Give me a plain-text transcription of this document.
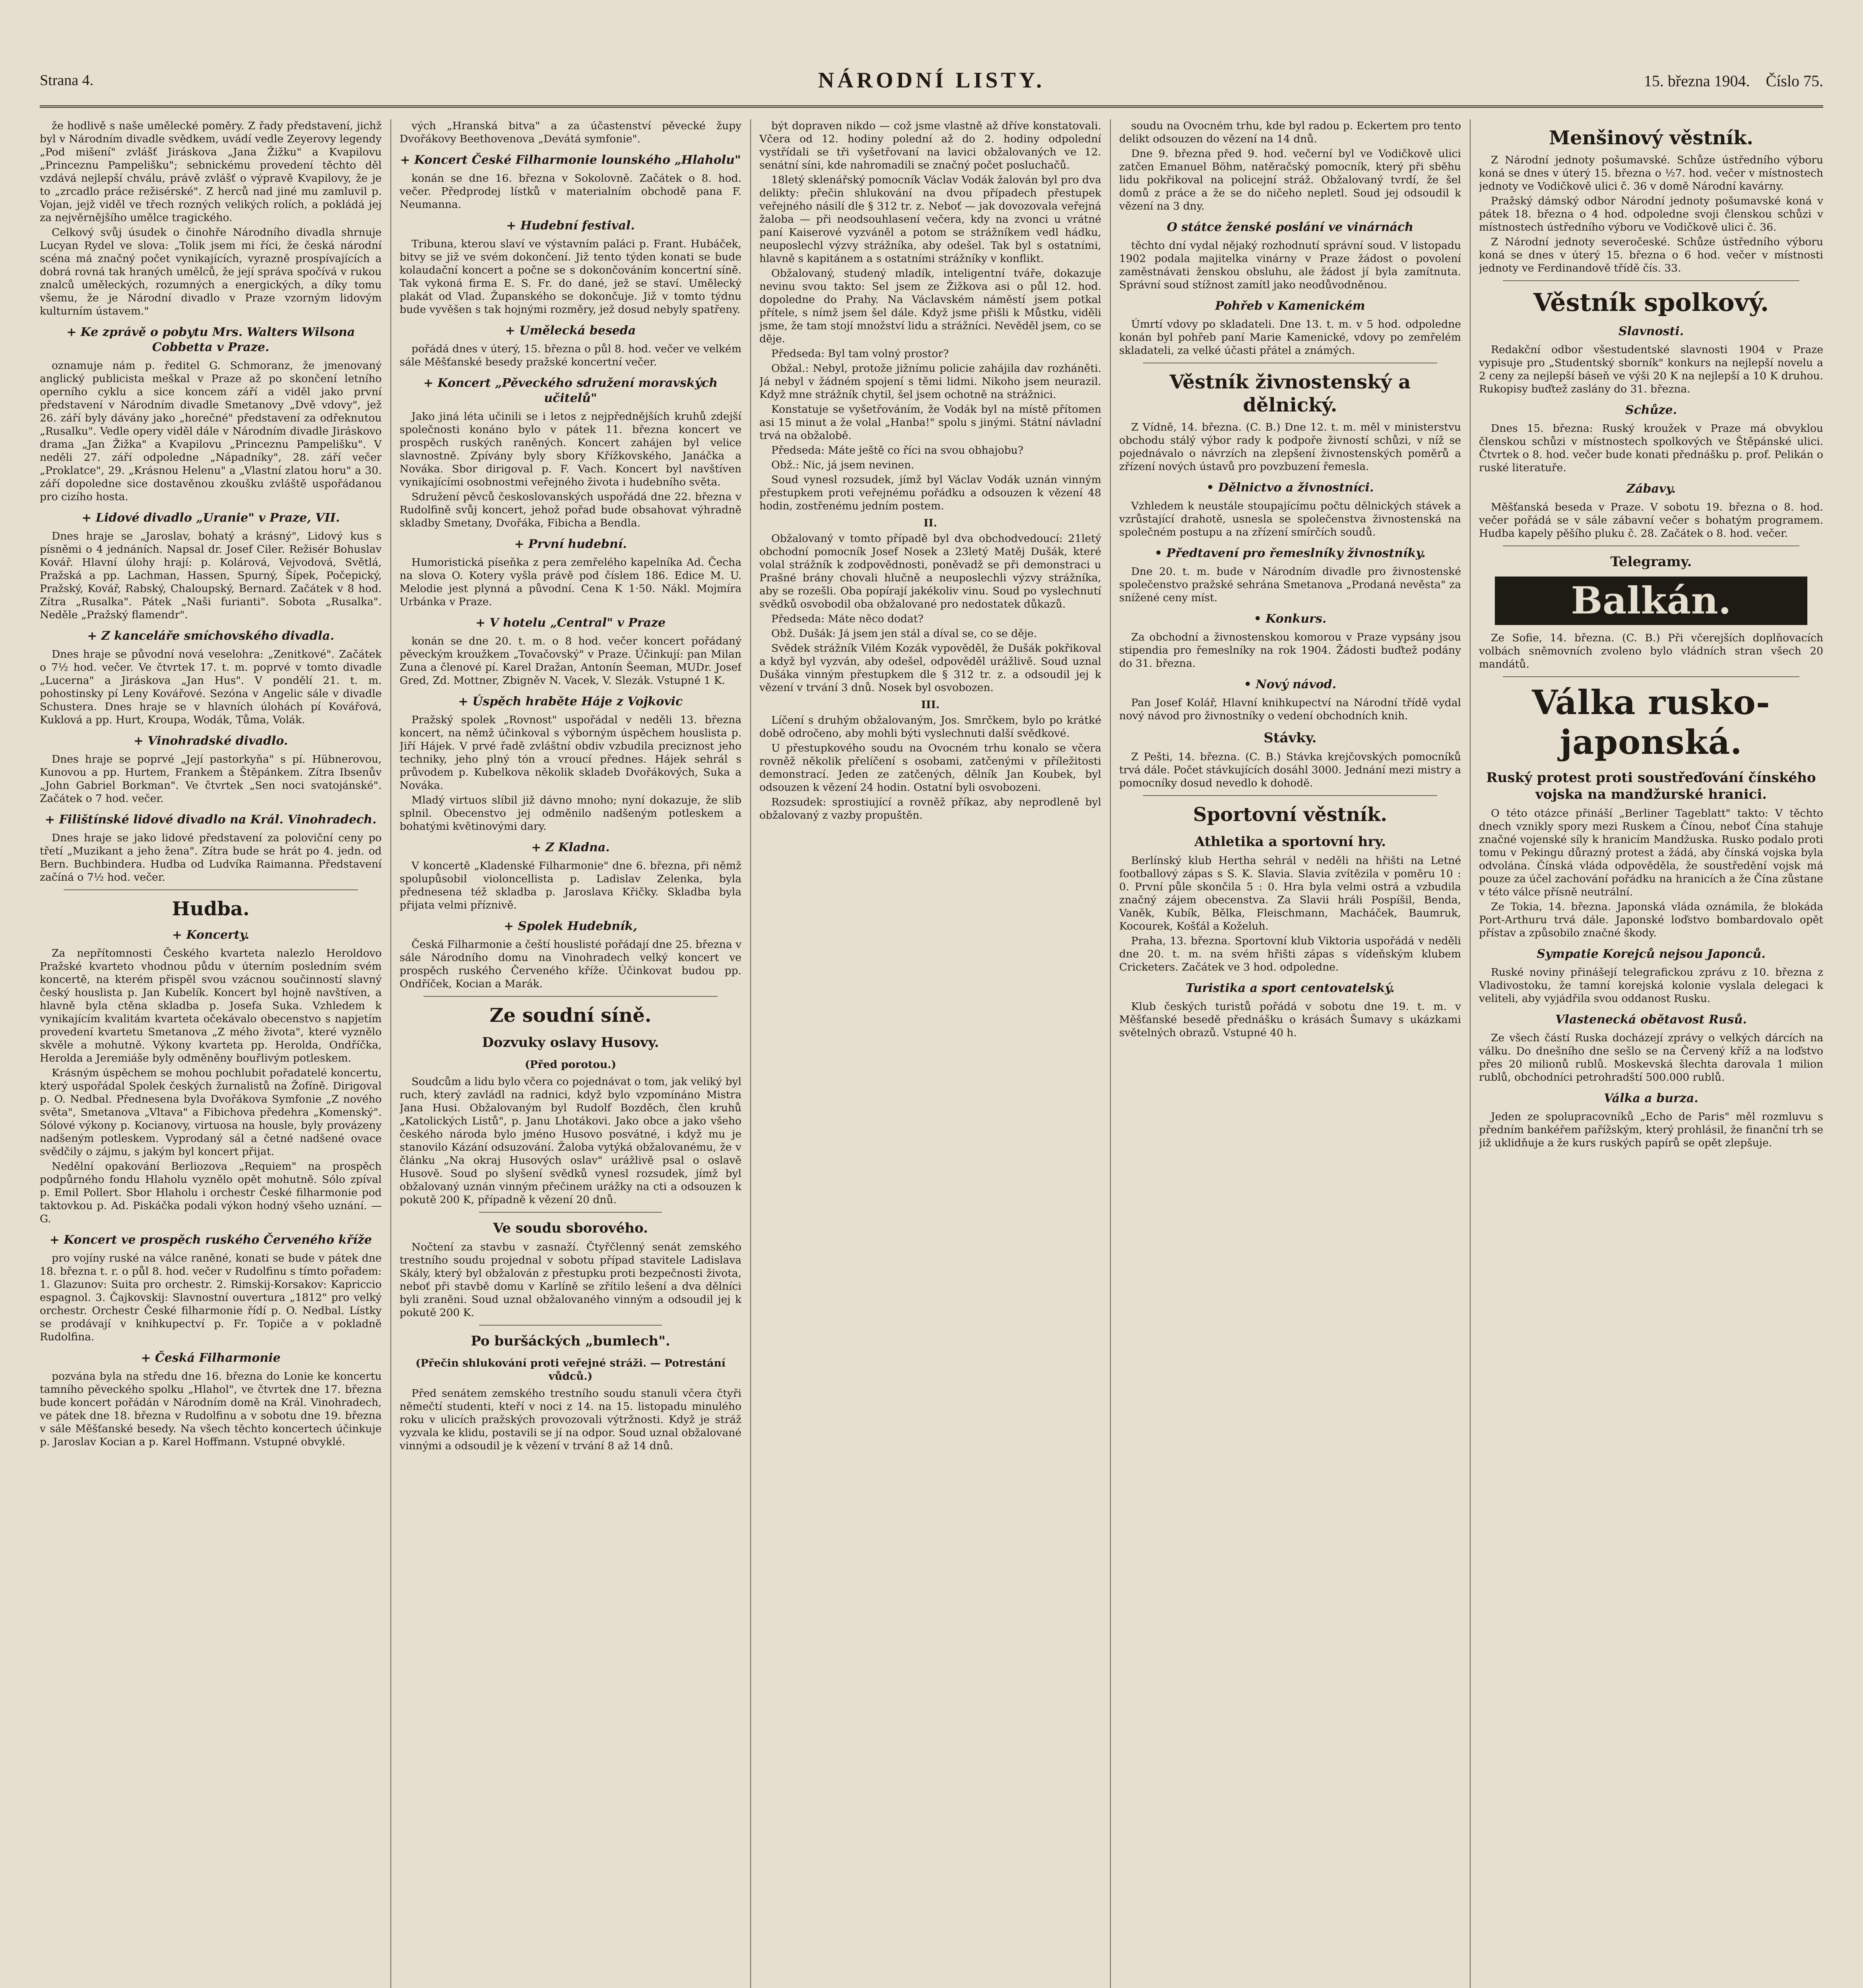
Strana 4.	NÁRODNÍ LISTY.	15. března 1904. Číslo 75.

že hodlivě s naše umělecké poměry. Z řady představení, jichž byl v Národním divadle svědkem, uvádí vedle Zeyerovy legendy „Pod mišení" zvlášť Jiráskova „Jana Žižku" a Kvapilovu „Princeznu Pampelišku"; sebnickému provedení těchto děl vzdává nejlepší chválu, právě zvlášť o výpravě Kvapilovy, že je to „zrcadlo práce režisérské". Z herců nad jiné mu zamluvil p. Vojan, jejž viděl ve třech rozných velikých rolích, a pokládá jej za nejvěrnějšího umělce tragického.

Celkový svůj úsudek o činohře Národního divadla shrnuje Lucyan Rydel ve slova: „Tolik jsem mi říci, že česká národní scéna má značný počet vynikajících, vyrazně prospívajících a dobrá rovná tak hraných umělců, že její správa spočívá v rukou znalců uměleckých, rozumných a energických, a díky tomu všemu, že je Národní divadlo v Praze vzorným lidovým kulturním ústavem."

+ Ke zprávě o pobytu Mrs. Walters Wilsona Cobbetta v Praze.

oznamuje nám p. ředitel G. Schmoranz, že jmenovaný anglický publicista meškal v Praze až po skončení letního operního cyklu a sice koncem září a viděl jako první představení v Národním divadle Smetanovy „Dvě vdovy", jež 26. září byly dávány jako „horečné" představení za odřeknutou „Rusalku". Vedle opery viděl dále v Národním divadle Jiráskovo drama „Jan Žižka" a Kvapilovu „Princeznu Pampelišku". V neděli 27. září odpoledne „Nápadníky", 28. září večer „Proklatce", 29. „Krásnou Helenu" a „Vlastní zlatou horu" a 30. září dopoledne sice dostavěnou zkoušku zvláště uspořádanou pro cizího hosta.

+ Lidové divadlo „Uranie" v Praze, VII.

Dnes hraje se „Jaroslav, bohatý a krásný", Lidový kus s písněmi o 4 jednáních. Napsal dr. Josef Ciler. Režisér Bohuslav Kovář. Hlavní úlohy hrají: p. Kolárová, Vejvodová, Světlá, Pražská a pp. Lachman, Hassen, Spurný, Šípek, Počepický, Pražský, Kovář, Rabský, Chaloupský, Bernard. Začátek v 8 hod. Zítra „Rusalka". Pátek „Naši furianti". Sobota „Rusalka". Neděle „Pražský flamendr".

+ Z kanceláře smíchovského divadla.

Dnes hraje se původní nová veselohra: „Zenitkové". Začátek o 7½ hod. večer. Ve čtvrtek 17. t. m. poprvé v tomto divadle „Lucerna" a Jiráskova „Jan Hus". V pondělí 21. t. m. pohostinsky pí Leny Kovářové. Sezóna v Angelic sále v divadle Schustera. Dnes hraje se v hlavních úlohách pí Kovářová, Kuklová a pp. Hurt, Kroupa, Wodák, Tůma, Volák.

+ Vinohradské divadlo.

Dnes hraje se poprvé „Její pastorkyňa" s pí. Hübnerovou, Kunovou a pp. Hurtem, Frankem a Štěpánkem. Zítra Ibsenův „John Gabriel Borkman". Ve čtvrtek „Sen noci svatojánské". Začátek o 7 hod. večer.

+ Filištínské lidové divadlo na Král. Vinohradech.

Dnes hraje se jako lidové představení za poloviční ceny po třetí „Muzikant a jeho žena". Zítra bude se hrát po 4. jedn. od Bern. Buchbindera. Hudba od Ludvíka Raimanna. Představení začíná o 7½ hod. večer.

Hudba.

+ Koncerty.

Za nepřítomnosti Českého kvarteta nalezlo Heroldovo Pražské kvarteto vhodnou půdu v úterním posledním svém koncertě, na kterém přispěl svou vzácnou součinností slavný český houslista p. Jan Kubelík. Koncert byl hojně navštíven, a hlavně byla ctěna skladba p. Josefa Suka. Vzhledem k vynikajícím kvalitám kvarteta očekávalo obecenstvo s napjetím provedení kvartetu Smetanova „Z mého života", které vyznělo skvěle a mohutně. Výkony kvarteta pp. Herolda, Ondříčka, Herolda a Jeremiáše byly odměněny bouřlivým potleskem.

Krásným úspěchem se mohou pochlubit pořadatelé koncertu, který uspořádal Spolek českých žurnalistů na Žofíně. Dirigoval p. O. Nedbal. Přednesena byla Dvořákova Symfonie „Z nového světa", Smetanova „Vltava" a Fibichova předehra „Komenský". Sólové výkony p. Kocianovy, virtuosa na housle, byly provázeny nadšeným potleskem. Vyprodaný sál a četné nadšené ovace svědčily o zájmu, s jakým byl koncert přijat.

Nedělní opakování Berliozova „Requiem" na prospěch podpůrného fondu Hlaholu vyznělo opět mohutně. Sólo zpíval p. Emil Pollert. Sbor Hlaholu i orchestr České filharmonie pod taktovkou p. Ad. Piskáčka podali výkon hodný všeho uznání. — G.

+ Koncert ve prospěch ruského Červeného kříže

pro vojíny ruské na válce raněné, konati se bude v pátek dne 18. března t. r. o půl 8. hod. večer v Rudolfinu s tímto pořadem: 1. Glazunov: Suita pro orchestr. 2. Rimskij-Korsakov: Kapriccio espagnol. 3. Čajkovskij: Slavnostní ouvertura „1812" pro velký orchestr. Orchestr České filharmonie řídí p. O. Nedbal. Lístky se prodávají v knihkupectví p. Fr. Topiče a v pokladně Rudolfina.

+ Česká Filharmonie

pozvána byla na středu dne 16. března do Lonie ke koncertu tamního pěveckého spolku „Hlahol", ve čtvrtek dne 17. března bude koncert pořádán v Národním domě na Král. Vinohradech, ve pátek dne 18. března v Rudolfinu a v sobotu dne 19. března v sále Měšťanské besedy. Na všech těchto koncertech účinkuje p. Jaroslav Kocian a p. Karel Hoffmann. Vstupné obvyklé.

vých „Hranská bitva" a za účastenství pěvecké župy Dvořákovy Beethovenova „Devátá symfonie".

+ Koncert České Filharmonie lounského „Hlaholu"

konán se dne 16. března v Sokolovně. Začátek o 8. hod. večer. Předprodej lístků v materialním obchodě pana F. Neumanna.

+ Hudební festival.

Tribuna, kterou slaví ve výstavním paláci p. Frant. Hubáček, bitvy se již ve svém dokončení. Již tento týden konati se bude kolaudační koncert a počne se s dokončováním koncertní síně. Tak vykoná firma E. S. Fr. do dané, jež se staví. Umělecký plakát od Vlad. Županského se dokončuje. Již v tomto týdnu bude vyvěšen s tak hojnými rozměry, jež dosud nebyly spatřeny.

+ Umělecká beseda

pořádá dnes v úterý, 15. března o půl 8. hod. večer ve velkém sále Měšťanské besedy pražské koncertní večer.

+ Koncert „Pěveckého sdružení moravských učitelů"

Jako jiná léta učinili se i letos z nejpřednějších kruhů zdejší společnosti konáno bylo v pátek 11. března koncert ve prospěch ruských raněných. Koncert zahájen byl velice slavnostně. Zpívány byly sbory Křížkovského, Janáčka a Nováka. Sbor dirigoval p. F. Vach. Koncert byl navštíven vynikajícími osobnostmi veřejného života i hudebního světa.

Sdružení pěvců českoslovanských uspořádá dne 22. března v Rudolfině svůj koncert, jehož pořad bude obsahovat výhradně skladby Smetany, Dvořáka, Fibicha a Bendla.

+ První hudební.

Humoristická píseňka z pera zemřelého kapelníka Ad. Čecha na slova O. Kotery vyšla právě pod číslem 186. Edice M. U. Melodie jest plynná a původní. Cena K 1·50. Nákl. Mojmíra Urbánka v Praze.

+ V hotelu „Central" v Praze

konán se dne 20. t. m. o 8 hod. večer koncert pořádaný pěveckým kroužkem „Tovačovský" v Praze. Účinkují: pan Milan Zuna a členové pí. Karel Dražan, Antonín Šeeman, MUDr. Josef Gred, Zd. Mottner, Zbigněv N. Vacek, V. Slezák. Vstupné 1 K.

+ Úspěch hraběte Háje z Vojkovic

Pražský spolek „Rovnost" uspořádal v neděli 13. března koncert, na němž účinkoval s výborným úspěchem houslista p. Jiří Hájek. V prvé řadě zvláštní obdiv vzbudila preciznost jeho techniky, jeho plný tón a vroucí přednes. Hájek sehrál s průvodem p. Kubelkova několik skladeb Dvořákových, Suka a Nováka.

Mladý virtuos slíbil již dávno mnoho; nyní dokazuje, že slib splnil. Obecenstvo jej odměnilo nadšeným potleskem a bohatými květinovými dary.

+ Z Kladna.

V koncertě „Kladenské Filharmonie" dne 6. března, při němž spolupůsobil violoncellista p. Ladislav Zelenka, byla přednesena též skladba p. Jaroslava Křičky. Skladba byla přijata velmi příznivě.

+ Spolek Hudebník,

Česká Filharmonie a čeští houslisté pořádají dne 25. března v sále Národního domu na Vinohradech velký koncert ve prospěch ruského Červeného kříže. Účinkovat budou pp. Ondříček, Kocian a Marák.

Ze soudní síně.

Dozvuky oslavy Husovy.

(Před porotou.)

Soudcům a lidu bylo včera co pojednávat o tom, jak veliký byl ruch, který zavládl na radnici, když bylo vzpomínáno Mistra Jana Husi. Obžalovaným byl Rudolf Bozděch, člen kruhů „Katolických Listů", p. Janu Lhotákovi. Jako obce a jako všeho českého národa bylo jméno Husovo posvátné, i když mu je stanovilo Kázání odsuzování. Žaloba vytýká obžalovanému, že v článku „Na okraj Husových oslav" urážlivě psal o oslavě Husově. Soud po slyšení svědků vynesl rozsudek, jímž byl obžalovaný uznán vinným přečinem urážky na cti a odsouzen k pokutě 200 K, případně k vězení 20 dnů.

Ve soudu sborového.

Nočtení za stavbu v zasnaží. Čtyřčlenný senát zemského trestního soudu projednal v sobotu případ stavitele Ladislava Skály, který byl obžalován z přestupku proti bezpečnosti života, neboť při stavbě domu v Karlíně se zřítilo lešení a dva dělníci byli zraněni. Soud uznal obžalovaného vinným a odsoudil jej k pokutě 200 K.

Po buršáckých „bumlech".

(Přečin shlukování proti veřejné stráži. — Potrestání vůdců.)

Před senátem zemského trestního soudu stanuli včera čtyři němečtí studenti, kteří v noci z 14. na 15. listopadu minulého roku v ulicích pražských provozovali výtržnosti. Když je stráž vyzvala ke klidu, postavili se jí na odpor. Soud uznal obžalované vinnými a odsoudil je k vězení v trvání 8 až 14 dnů.

být dopraven nikdo — což jsme vlastně až dříve konstatovali. Včera od 12. hodiny polední až do 2. hodiny odpolední vystřídali se tři vyšetřovaní na lavici obžalovaných ve 12. senátní síni, kde nahromadili se značný počet posluchačů.

18letý sklenářský pomocník Václav Vodák žalován byl pro dva delikty: přečin shlukování na dvou případech přestupek veřejného násilí dle § 312 tr. z. Neboť — jak dovozovala veřejná žaloba — při neodsouhlasení večera, kdy na zvonci u vrátné paní Kaiserové vyzváněl a potom se strážníkem vedl hádku, neuposlechl výzvy strážníka, aby odešel. Tak byl s ostatními, hlavně s kapitánem a s ostatními strážníky v konflikt.

Obžalovaný, studený mladík, inteligentní tváře, dokazuje nevinu svou takto: Sel jsem ze Žižkova asi o půl 12. hod. dopoledne do Prahy. Na Václavském náměstí jsem potkal přítele, s nímž jsem šel dále. Když jsme přišli k Můstku, viděli jsme, že tam stojí množství lidu a strážníci. Nevěděl jsem, co se děje.

Předseda: Byl tam volný prostor?

Obžal.: Nebyl, protože jižnímu policie zahájila dav rozháněti. Já nebyl v žádném spojení s těmi lidmi. Nikoho jsem neurazil. Když mne strážník chytil, šel jsem ochotně na strážnici.

Konstatuje se vyšetřováním, že Vodák byl na místě přítomen asi 15 minut a že volal „Hanba!" spolu s jinými. Státní návladní trvá na obžalobě.

Předseda: Máte ještě co říci na svou obhajobu?

Obž.: Nic, já jsem nevinen.

Soud vynesl rozsudek, jímž byl Václav Vodák uznán vinným přestupkem proti veřejnému pořádku a odsouzen k vězení 48 hodin, zostřenému jedním postem.

II.

Obžalovaný v tomto případě byl dva obchodvedoucí: 21letý obchodní pomocník Josef Nosek a 23letý Matěj Dušák, které volal strážník k zodpovědnosti, poněvadž se při demonstraci u Prašné brány chovali hlučně a neuposlechli výzvy strážníka, aby se rozešli. Oba popírají jakékoliv vinu. Soud po vyslechnutí svědků osvobodil oba obžalované pro nedostatek důkazů.

Předseda: Máte něco dodat?

Obž. Dušák: Já jsem jen stál a díval se, co se děje.

Svědek strážník Vilém Kozák vypověděl, že Dušák pokřikoval a když byl vyzván, aby odešel, odpověděl urážlivě. Soud uznal Dušáka vinným přestupkem dle § 312 tr. z. a odsoudil jej k vězení v trvání 3 dnů. Nosek byl osvobozen.

III.

Líčení s druhým obžalovaným, Jos. Smrčkem, bylo po krátké době odročeno, aby mohli býti vyslechnuti další svědkové.

U přestupkového soudu na Ovocném trhu konalo se včera rovněž několik přelíčení s osobami, zatčenými v příležitosti demonstrací. Jeden ze zatčených, dělník Jan Koubek, byl odsouzen k vězení 24 hodin. Ostatní byli osvobozeni.

Rozsudek: sprostiující a rovněž příkaz, aby neprodleně byl obžalovaný z vazby propuštěn.

soudu na Ovocném trhu, kde byl radou p. Eckertem pro tento delikt odsouzen do vězení na 14 dnů.

Dne 9. března před 9. hod. večerní byl ve Vodičkově ulici zatčen Emanuel Böhm, natěračský pomocník, který při sběhu lidu pokřikoval na policejní stráž. Obžalovaný tvrdí, že šel domů z práce a že se do ničeho nepletl. Soud jej odsoudil k vězení na 3 dny.

O státce ženské poslání ve vinárnách

těchto dní vydal nějaký rozhodnutí správní soud. V listopadu 1902 podala majitelka vinárny v Praze žádost o povolení zaměstnávati ženskou obsluhu, ale žádost jí byla zamítnuta. Správní soud stížnost zamítl jako neodůvodněnou.

Pohřeb v Kamenickém

Úmrtí vdovy po skladateli. Dne 13. t. m. v 5 hod. odpoledne konán byl pohřeb paní Marie Kamenické, vdovy po zemřelém skladateli, za velké účasti přátel a známých.

Věstník živnostenský a dělnický.

Z Vídně, 14. března. (C. B.) Dne 12. t. m. měl v ministerstvu obchodu stálý výbor rady k podpoře živností schůzi, v níž se pojednávalo o návrzích na zlepšení živnostenských poměrů a zřízení nových ústavů pro povzbuzení řemesla.

• Dělnictvo a živnostníci.

Vzhledem k neustále stoupajícímu počtu dělnických stávek a vzrůstající drahotě, usnesla se společenstva živnostenská na společném postupu a na zřízení smírčích soudů.

• Předtavení pro řemeslníky živnostníky.

Dne 20. t. m. bude v Národním divadle pro živnostenské společenstvo pražské sehrána Smetanova „Prodaná nevěsta" za snížené ceny míst.

• Konkurs.

Za obchodní a živnostenskou komorou v Praze vypsány jsou stipendia pro řemeslníky na rok 1904. Žádosti buďtež podány do 31. března.

• Nový návod.

Pan Josef Kolář, Hlavní knihkupectví na Národní třídě vydal nový návod pro živnostníky o vedení obchodních knih.

Stávky.

Z Pešti, 14. března. (C. B.) Stávka krejčovských pomocníků trvá dále. Počet stávkujících dosáhl 3000. Jednání mezi mistry a pomocníky dosud nevedlo k dohodě.

Sportovní věstník.

Athletika a sportovní hry.

Berlínský klub Hertha sehrál v neděli na hřišti na Letné footballový zápas s S. K. Slavia. Slavia zvítězila v poměru 10 : 0. První půle skončila 5 : 0. Hra byla velmi ostrá a vzbudila značný zájem obecenstva. Za Slavii hráli Pospíšil, Benda, Vaněk, Kubík, Bělka, Fleischmann, Macháček, Baumruk, Kocourek, Košťál a Koželuh.

Praha, 13. března. Sportovní klub Viktoria uspořádá v neděli dne 20. t. m. na svém hřišti zápas s vídeňským klubem Cricketers. Začátek ve 3 hod. odpoledne.

Turistika a sport centovatelský.

Klub českých turistů pořádá v sobotu dne 19. t. m. v Měšťanské besedě přednášku o krásách Šumavy s ukázkami světelných obrazů. Vstupné 40 h.

Menšinový věstník.

Z Národní jednoty pošumavské. Schůze ústředního výboru koná se dnes v úterý 15. března o ½7. hod. večer v místnostech jednoty ve Vodičkově ulici č. 36 v domě Národní kavárny.

Pražský dámský odbor Národní jednoty pošumavské koná v pátek 18. března o 4 hod. odpoledne svoji členskou schůzi v místnostech ústředního výboru ve Vodičkově ulici č. 36.

Z Národní jednoty severočeské. Schůze ústředního výboru koná se dnes v úterý 15. března o 6 hod. večer v místnosti jednoty ve Ferdinandově třídě čís. 33.

Věstník spolkový.

Slavnosti.

Redakční odbor všestudentské slavnosti 1904 v Praze vypisuje pro „Studentský sborník" konkurs na nejlepší novelu a 2 ceny za nejlepší báseň ve výši 20 K na nejlepší a 10 K druhou. Rukopisy buďtež zaslány do 31. března.

Schůze.

Dnes 15. března: Ruský kroužek v Praze má obvyklou členskou schůzi v místnostech spolkových ve Štěpánské ulici. Čtvrtek o 8. hod. večer bude konati přednášku p. prof. Pelikán o ruské literatuře.

Zábavy.

Měšťanská beseda v Praze. V sobotu 19. března o 8. hod. večer pořádá se v sále zábavní večer s bohatým programem. Hudba kapely pěšího pluku č. 28. Začátek o 8. hod. večer.

Telegramy.

Balkán.

Ze Sofie, 14. března. (C. B.) Při včerejších doplňovacích volbách sněmovních zvoleno bylo vládních stran všech 20 mandátů.

Válka rusko-japonská.

Ruský protest proti soustřeďování čínského vojska na mandžurské hranici.

O této otázce přináší „Berliner Tageblatt" takto: V těchto dnech vznikly spory mezi Ruskem a Čínou, neboť Čína stahuje značné vojenské síly k hranicím Mandžuska. Rusko podalo proti tomu v Pekingu důrazný protest a žádá, aby čínská vojska byla odvolána. Čínská vláda odpověděla, že soustředění vojsk má pouze za účel zachování pořádku na hranicích a že Čína zůstane v této válce přísně neutrální.

Ze Tokia, 14. března. Japonská vláda oznámila, že blokáda Port-Arthuru trvá dále. Japonské loďstvo bombardovalo opět přístav a způsobilo značné škody.

Sympatie Korejců nejsou Japonců.

Ruské noviny přinášejí telegrafickou zprávu z 10. března z Vladivostoku, že tamní korejská kolonie vyslala delegaci k veliteli, aby vyjádřila svou oddanost Rusku.

Vlastenecká obětavost Rusů.

Ze všech částí Ruska docházejí zprávy o velkých dárcích na válku. Do dnešního dne sešlo se na Červený kříž a na loďstvo přes 20 milionů rublů. Moskevská šlechta darovala 1 milion rublů, obchodníci petrohradští 500.000 rublů.

Válka a burza.

Jeden ze spolupracovníků „Echo de Paris" měl rozmluvu s předním bankéřem pařížským, který prohlásil, že finanční trh se již uklidňuje a že kurs ruských papírů se opět zlepšuje.
